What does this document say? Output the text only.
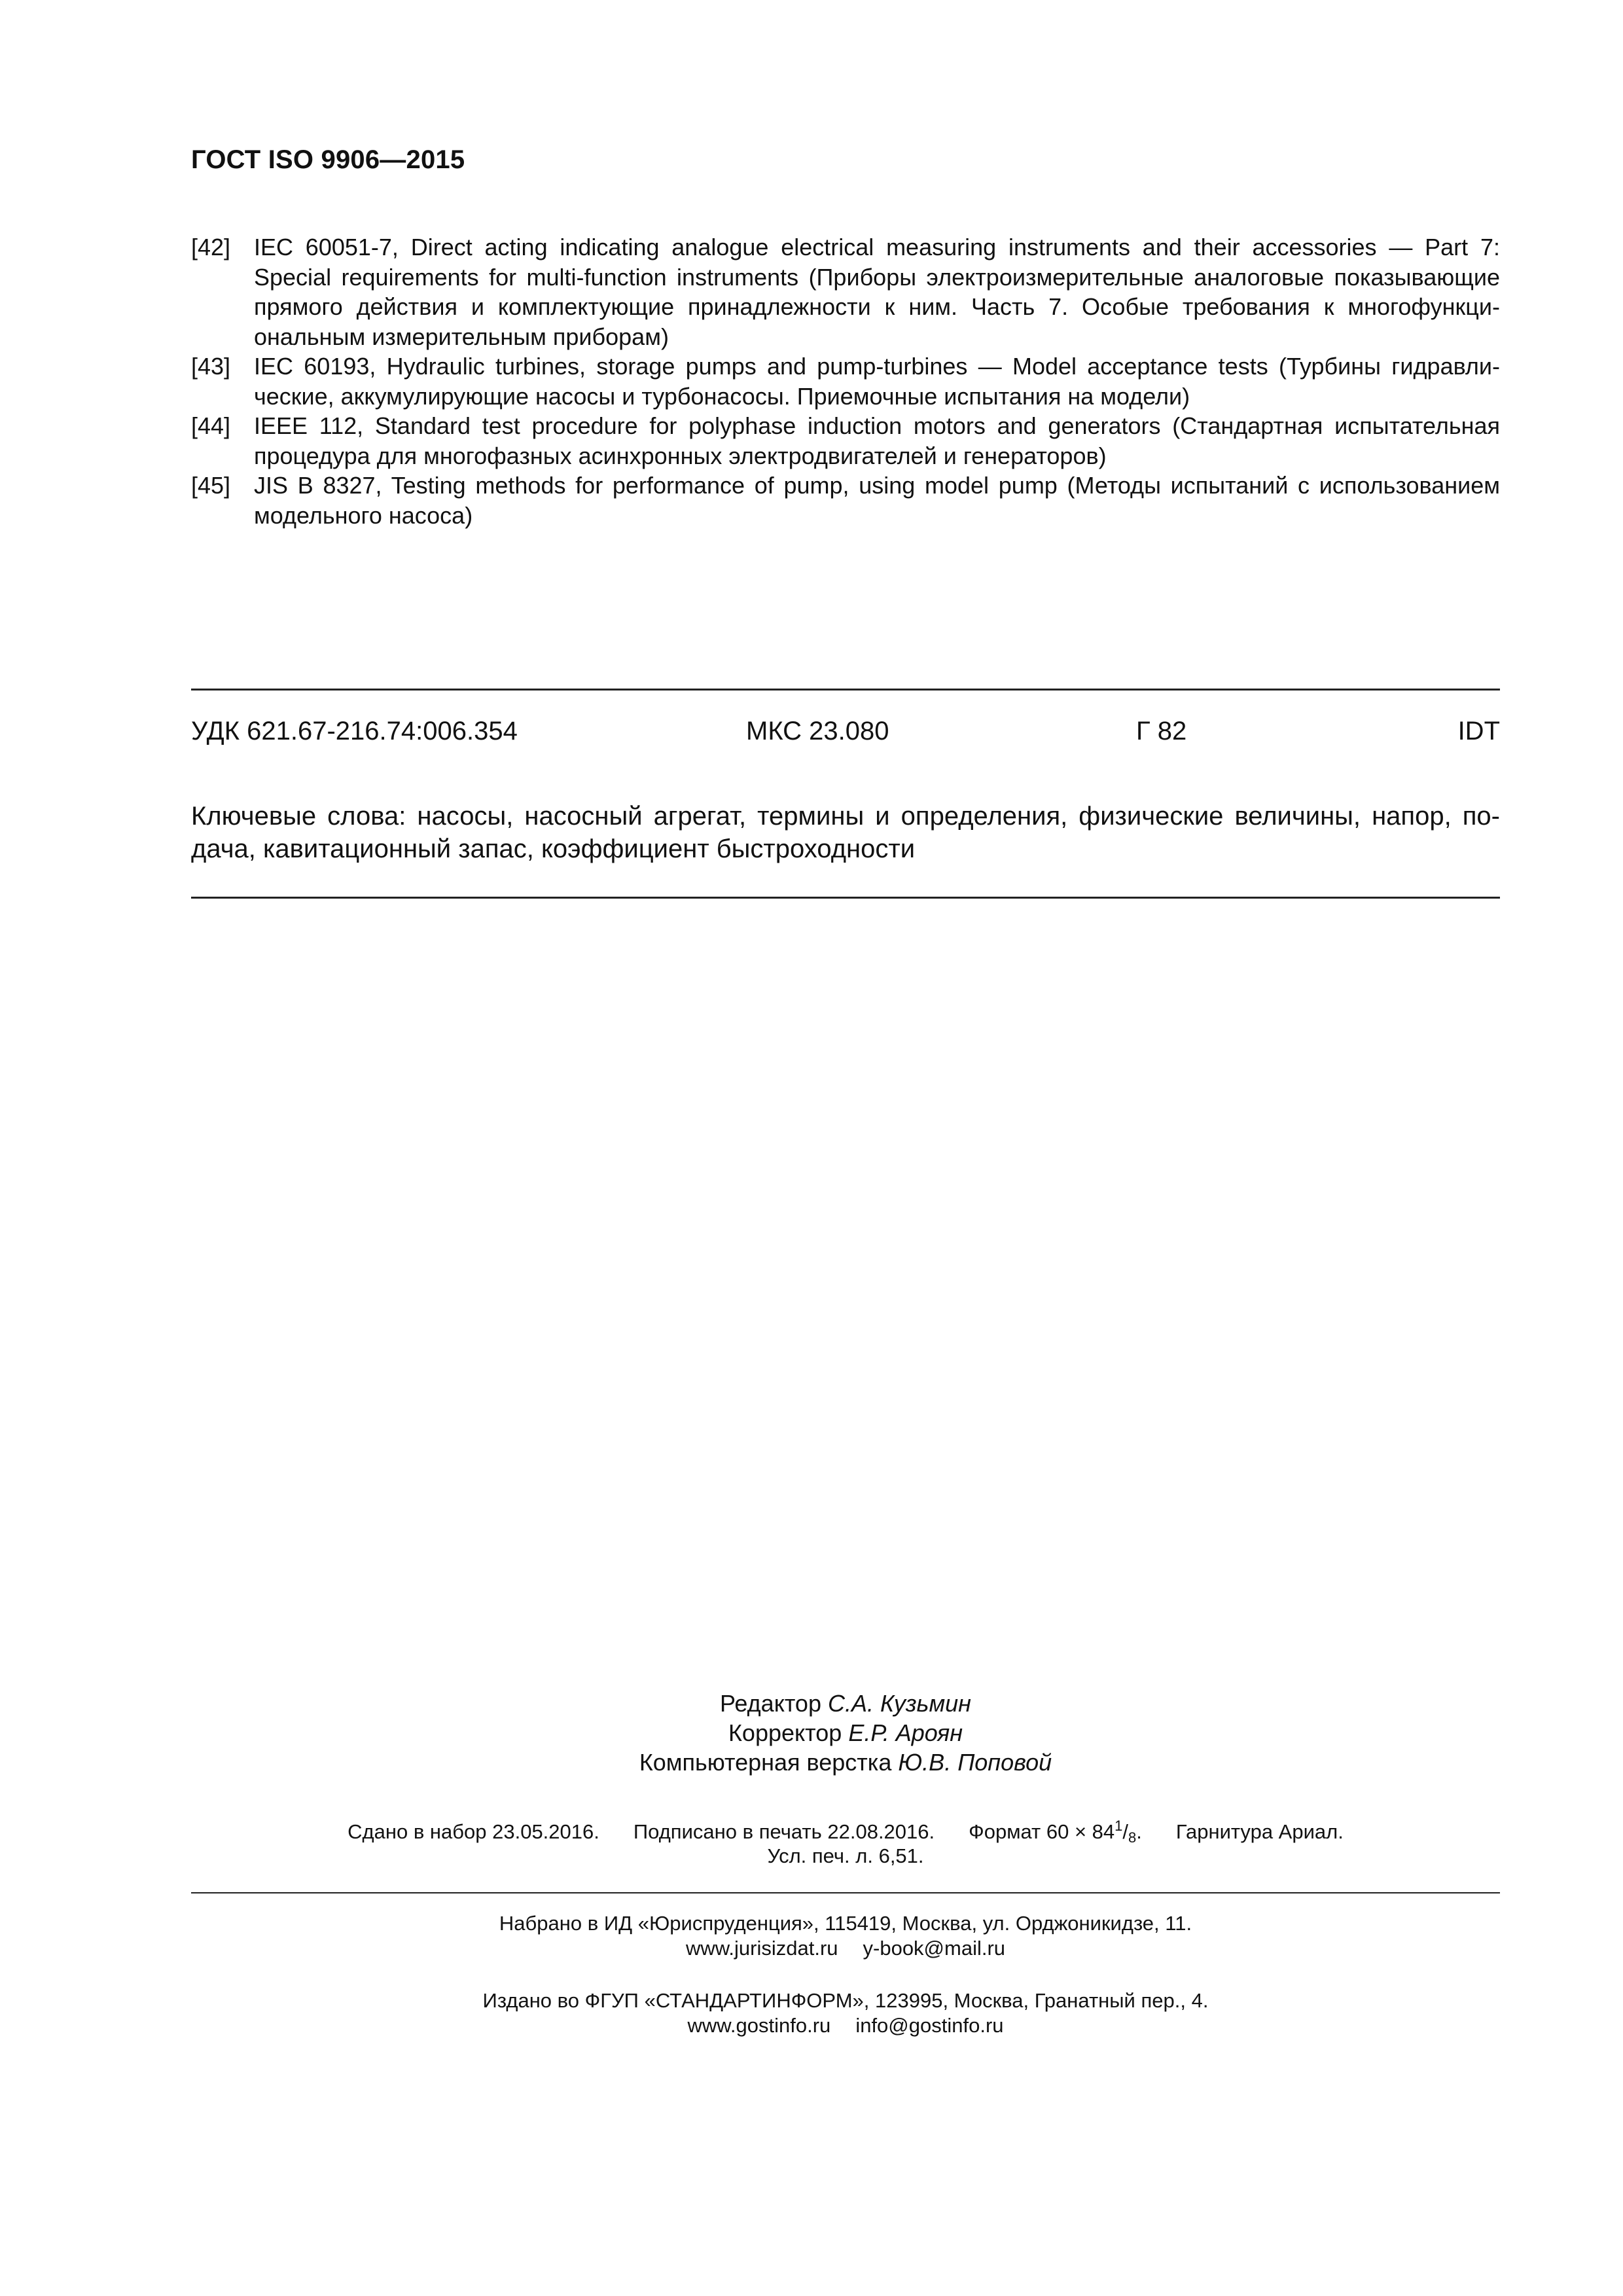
ГОСТ ISO 9906—2015
[42] IEC 60051-7, Direct acting indicating analogue electrical measuring instruments and their accessories — Part 7: Special requirements for multi-function instruments (Приборы электроизмерительные аналоговые показывающие прямого действия и комплектующие принадлежности к ним. Часть 7. Особые требования к многофункциональным измерительным приборам)
[43] IEC 60193, Hydraulic turbines, storage pumps and pump-turbines — Model acceptance tests (Турбины гидравлические, аккумулирующие насосы и турбонасосы. Приемочные испытания на модели)
[44] IEEE 112, Standard test procedure for polyphase induction motors and generators (Стандартная испытательная процедура для многофазных асинхронных электродвигателей и генераторов)
[45] JIS B 8327, Testing methods for performance of pump, using model pump (Методы испытаний с использованием модельного насоса)
УДК 621.67-216.74:006.354	МКС 23.080	Г 82	IDT
Ключевые слова: насосы, насосный агрегат, термины и определения, физические величины, напор, подача, кавитационный запас, коэффициент быстроходности
Редактор С.А. Кузьмин
Корректор Е.Р. Ароян
Компьютерная верстка Ю.В. Поповой
Сдано в набор 23.05.2016. Подписано в печать 22.08.2016. Формат $60 \times 84^1/_8$. Гарнитура Ариал.
Усл. печ. л. 6,51.
Набрано в ИД «Юриспруденция», 115419, Москва, ул. Орджоникидзе, 11.
www.jurisizdat.ru y-book@mail.ru
Издано во ФГУП «СТАНДАРТИНФОРМ», 123995, Москва, Гранатный пер., 4.
www.gostinfo.ru info@gostinfo.ru
